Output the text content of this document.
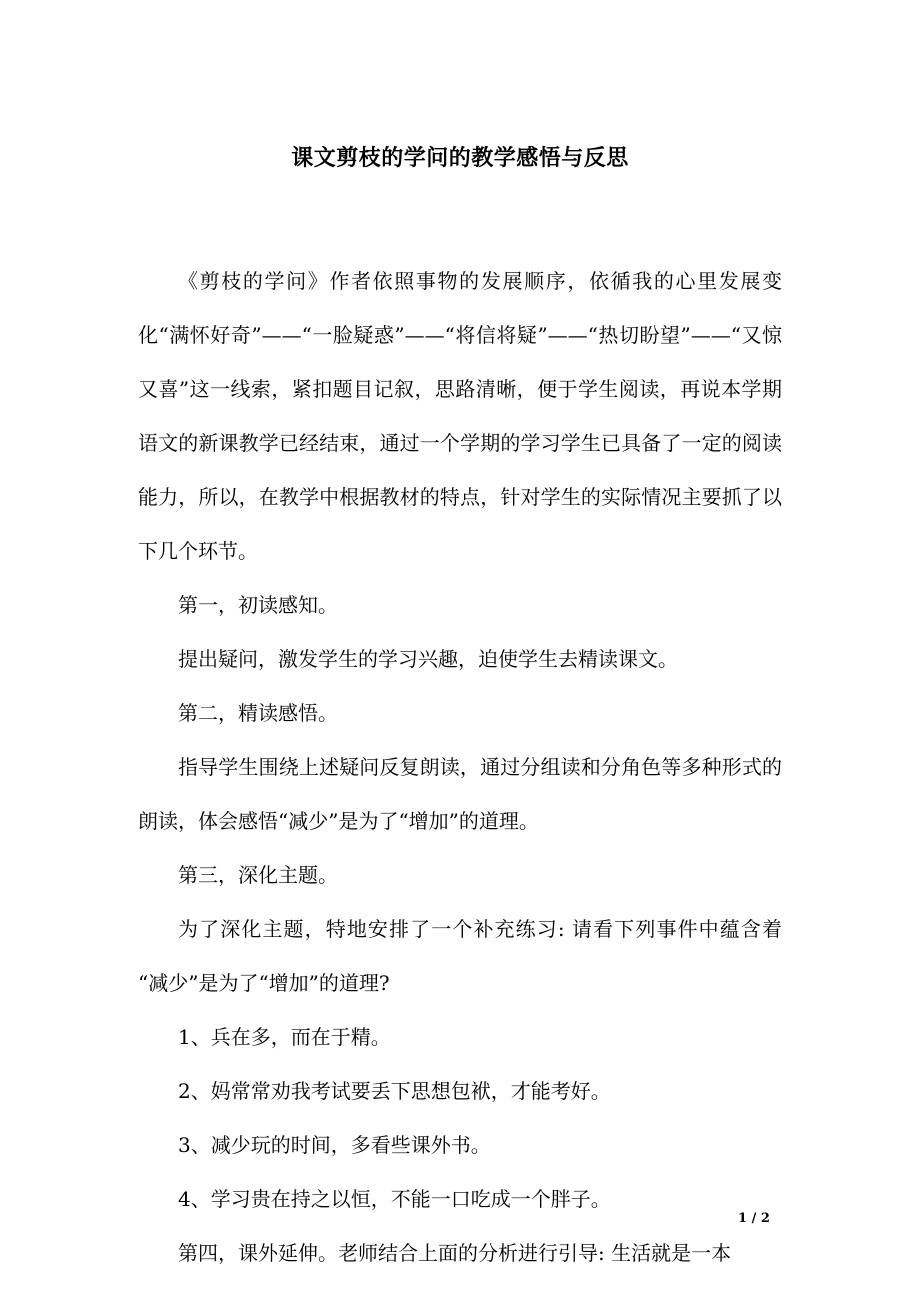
课文剪枝的学问的教学感悟与反思

《剪枝的学问》作者依照事物的发展顺序，依循我的心里发展变化“满怀好奇”——“一脸疑惑”——“将信将疑”——“热切盼望”——“又惊又喜”这一线索，紧扣题目记叙，思路清晰，便于学生阅读，再说本学期语文的新课教学已经结束，通过一个学期的学习学生已具备了一定的阅读能力，所以，在教学中根据教材的特点，针对学生的实际情况主要抓了以下几个环节。

第一，初读感知。

提出疑问，激发学生的学习兴趣，迫使学生去精读课文。

第二，精读感悟。

指导学生围绕上述疑问反复朗读，通过分组读和分角色等多种形式的朗读，体会感悟“减少”是为了“增加”的道理。

第三，深化主题。

为了深化主题，特地安排了一个补充练习: 请看下列事件中蕴含着 “减少”是为了“增加”的道理?

1、兵在多，而在于精。

2、妈常常劝我考试要丢下思想包袱，才能考好。

3、减少玩的时间，多看些课外书。

4、学习贵在持之以恒，不能一口吃成一个胖子。

第四，课外延伸。老师结合上面的分析进行引导: 生活就是一本

1 / 2
